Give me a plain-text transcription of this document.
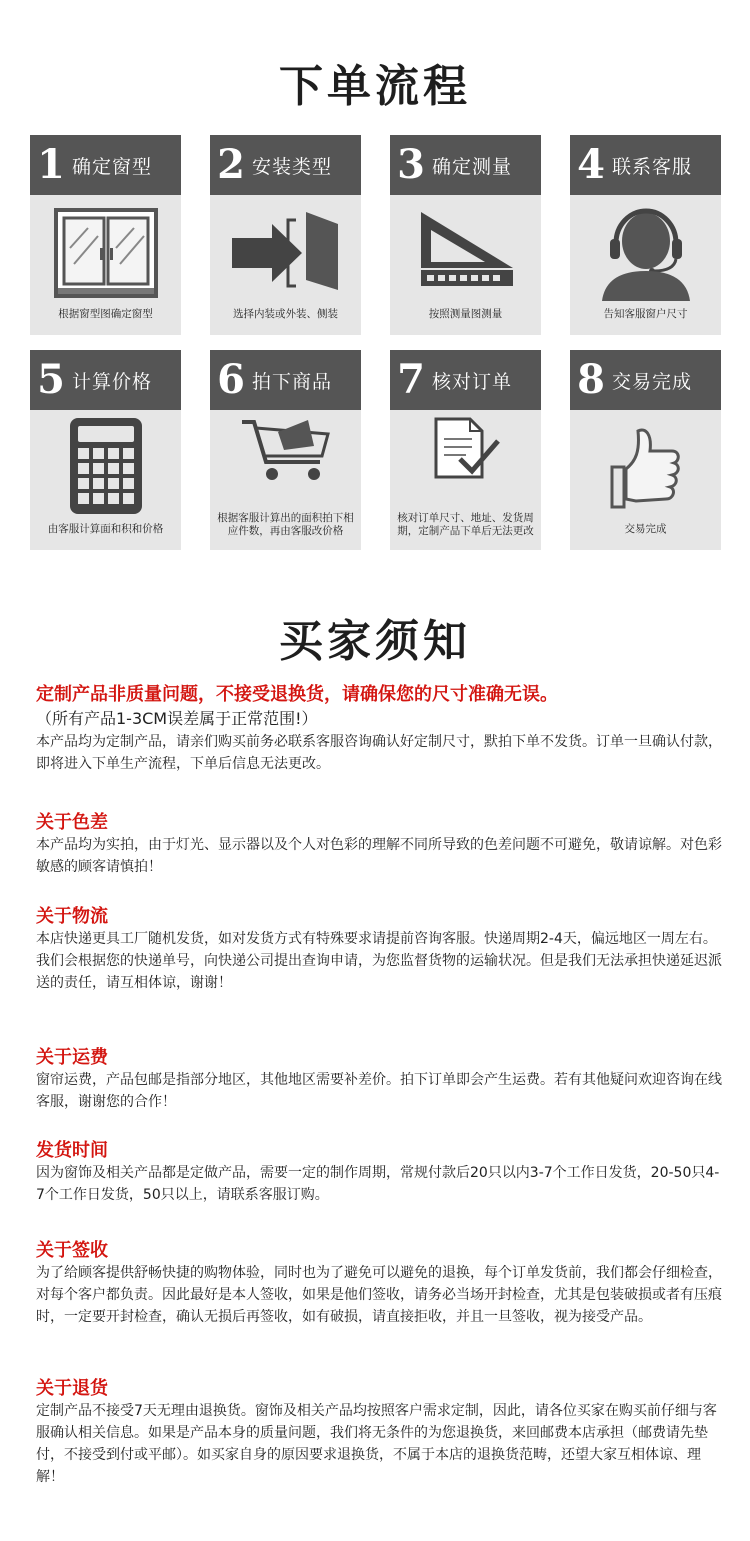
下单流程
1 确定窗型
根据窗型图确定窗型
2 安装类型
选择内装或外装、侧装
3 确定测量
按照测量图测量
4 联系客服
告知客服窗户尺寸
5 计算价格
由客服计算面和积和价格
6 拍下商品
根据客服计算出的面积拍下相应件数，再由客服改价格
7 核对订单
核对订单尺寸、地址、发货周期，定制产品下单后无法更改
8 交易完成
交易完成
买家须知
定制产品非质量问题，不接受退换货，请确保您的尺寸准确无误。
（所有产品1-3CM误差属于正常范围!）
本产品均为定制产品，请亲们购买前务必联系客服咨询确认好定制尺寸，默拍下单不发货。订单一旦确认付款，即将进入下单生产流程，下单后信息无法更改。
关于色差

本产品均为实拍，由于灯光、显示器以及个人对色彩的理解不同所导致的色差问题不可避免，敬请谅解。对色彩敏感的顾客请慎拍！

关于物流

本店快递更具工厂随机发货，如对发货方式有特殊要求请提前咨询客服。快递周期2-4天，偏远地区一周左右。

我们会根据您的快递单号，向快递公司提出查询申请，为您监督货物的运输状况。但是我们无法承担快递延迟派送的责任，请互相体谅，谢谢！

关于运费

窗帘运费，产品包邮是指部分地区，其他地区需要补差价。拍下订单即会产生运费。若有其他疑问欢迎咨询在线客服，谢谢您的合作！

发货时间

因为窗饰及相关产品都是定做产品，需要一定的制作周期，常规付款后20只以内3-7个工作日发货，20-50只4-7个工作日发货，50只以上，请联系客服订购。

关于签收

为了给顾客提供舒畅快捷的购物体验，同时也为了避免可以避免的退换，每个订单发货前，我们都会仔细检查，对每个客户都负责。因此最好是本人签收，如果是他们签收，请务必当场开封检查，尤其是包装破损或者有压痕时，一定要开封检查，确认无损后再签收，如有破损，请直接拒收，并且一旦签收，视为接受产品。

关于退货

定制产品不接受7天无理由退换货。窗饰及相关产品均按照客户需求定制，因此，请各位买家在购买前仔细与客服确认相关信息。如果是产品本身的质量问题，我们将无条件的为您退换货，来回邮费本店承担（邮费请先垫付，不接受到付或平邮）。如买家自身的原因要求退换货，不属于本店的退换货范畴，还望大家互相体谅、理解！
